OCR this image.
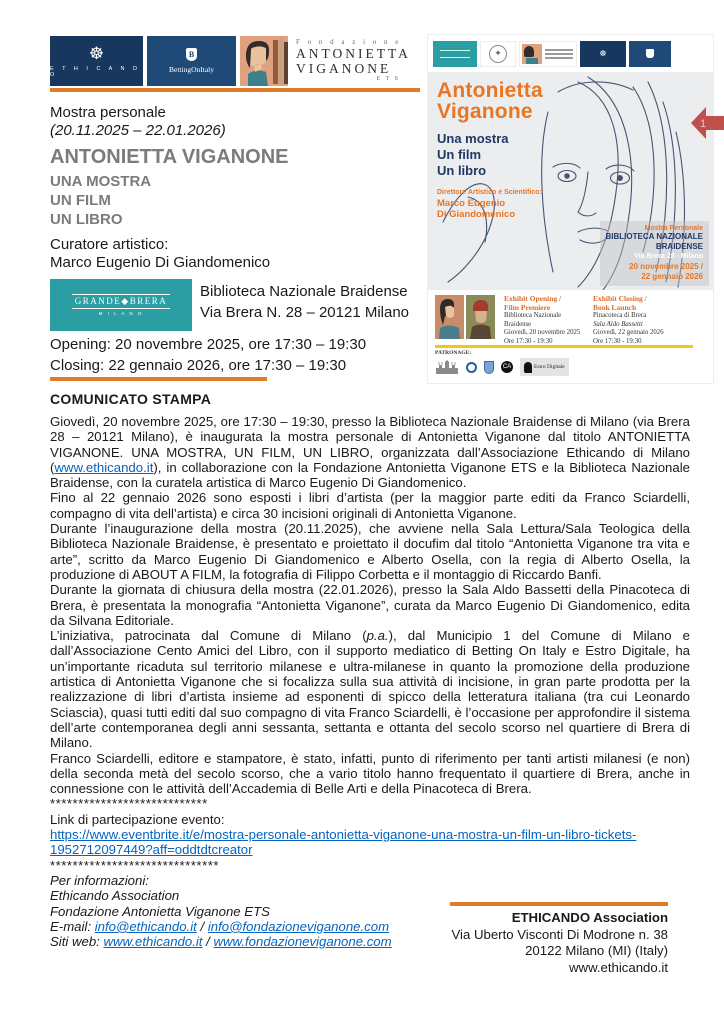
☸
E T H I C A N D O
B
BettingOnItaly
F o n d a z i o n e
ANTONIETTA
VIGANONE
E T S
Mostra personale
(20.11.2025 – 22.01.2026)
ANTONIETTA VIGANONE
UNA MOSTRA
UN FILM
UN LIBRO
Curatore artistico:
Marco Eugenio Di Giandomenico
GRANDE◆BRERA
M I L A N O
Biblioteca Nazionale Braidense
Via Brera N. 28 – 20121 Milano
Opening: 20 novembre 2025, ore 17:30 – 19:30
Closing: 22 gennaio 2026, ore 17:30 – 19:30
✦	☸
Antonietta
Viganone
Una mostra
Un film
Un libro
Direttore Artistico e Scientifico:
Marco Eugenio
Di Giandomenico
Mostra Personale
BIBLIOTECA NAZIONALE
BRAIDENSE
Via Brera 28 - Milano
20 novembre 2025 /
22 gennaio 2026
Exhibit Opening /
Film Premiere
Biblioteca Nazionale Braidense
Giovedì, 20 novembre 2025
Ore 17:30 - 19:30
Exhibit Closing /
Book Launch
Pinacoteca di Brera
Sala Aldo Bassetti
Giovedì, 22 gennaio 2026
Ore 17:30 - 19:30
PATRONAGE:
CA	Estro Digitale
1
COMUNICATO STAMPA

Giovedì, 20 novembre 2025, ore 17:30 – 19:30, presso la Biblioteca Nazionale Braidense di Milano (via Brera 28 – 20121 Milano), è inaugurata la mostra personale di Antonietta Viganone dal titolo ANTONIETTA VIGANONE. UNA MOSTRA, UN FILM, UN LIBRO, organizzata dall’Associazione Ethicando di Milano (www.ethicando.it), in collaborazione con la Fondazione Antonietta Viganone ETS e la Biblioteca Nazionale Braidense, con la curatela artistica di Marco Eugenio Di Giandomenico.

Fino al 22 gennaio 2026 sono esposti i libri d’artista (per la maggior parte editi da Franco Sciardelli, compagno di vita dell’artista) e circa 30 incisioni originali di Antonietta Viganone.

Durante l’inaugurazione della mostra (20.11.2025), che avviene nella Sala Lettura/Sala Teologica della Biblioteca Nazionale Braidense, è presentato e proiettato il docufim dal titolo “Antonietta Viganone tra vita e arte”, scritto da Marco Eugenio Di Giandomenico e Alberto Osella, con la regia di Alberto Osella, la produzione di ABOUT A FILM, la fotografia di Filippo Corbetta e il montaggio di Riccardo Banfi.

Durante la giornata di chiusura della mostra (22.01.2026), presso la Sala Aldo Bassetti della Pinacoteca di Brera, è presentata la monografia “Antonietta Viganone”, curata da Marco Eugenio Di Giandomenico, edita da Silvana Editoriale.

L’iniziativa, patrocinata dal Comune di Milano (p.a.), dal Municipio 1 del Comune di Milano e dall’Associazione Cento Amici del Libro, con il supporto mediatico di Betting On Italy e Estro Digitale, ha un’importante ricaduta sul territorio milanese e ultra-milanese in quanto la promozione della produzione artistica di Antonietta Viganone che si focalizza sulla sua attività di incisione, in gran parte prodotta per la realizzazione di libri d’artista insieme ad esponenti di spicco della letteratura italiana (tra cui Leonardo Sciascia), quasi tutti editi dal suo compagno di vita Franco Sciardelli, è l’occasione per approfondire il sistema dell’arte contemporanea degli anni sessanta, settanta e ottanta del secolo scorso nel quartiere di Brera di Milano.

Franco Sciardelli, editore e stampatore, è stato, infatti, punto di riferimento per tanti artisti milanesi (e non) della seconda metà del secolo scorso, che a vario titolo hanno frequentato il quartiere di Brera, anche in connessione con le attività dell’Accademia di Belle Arti e della Pinacoteca di Brera.

****************************
Link di partecipazione evento:
https://www.eventbrite.it/e/mostra-personale-antonietta-viganone-una-mostra-un-film-un-libro-tickets-1952712097449?aff=oddtdtcreator
******************************
Per informazioni:
Ethicando Association
Fondazione Antonietta Viganone ETS
E-mail: info@ethicando.it / info@fondazioneviganone.com
Siti web: www.ethicando.it / www.fondazioneviganone.com
ETHICANDO Association
Via Uberto Visconti Di Modrone n. 38
20122 Milano (MI) (Italy)
www.ethicando.it
